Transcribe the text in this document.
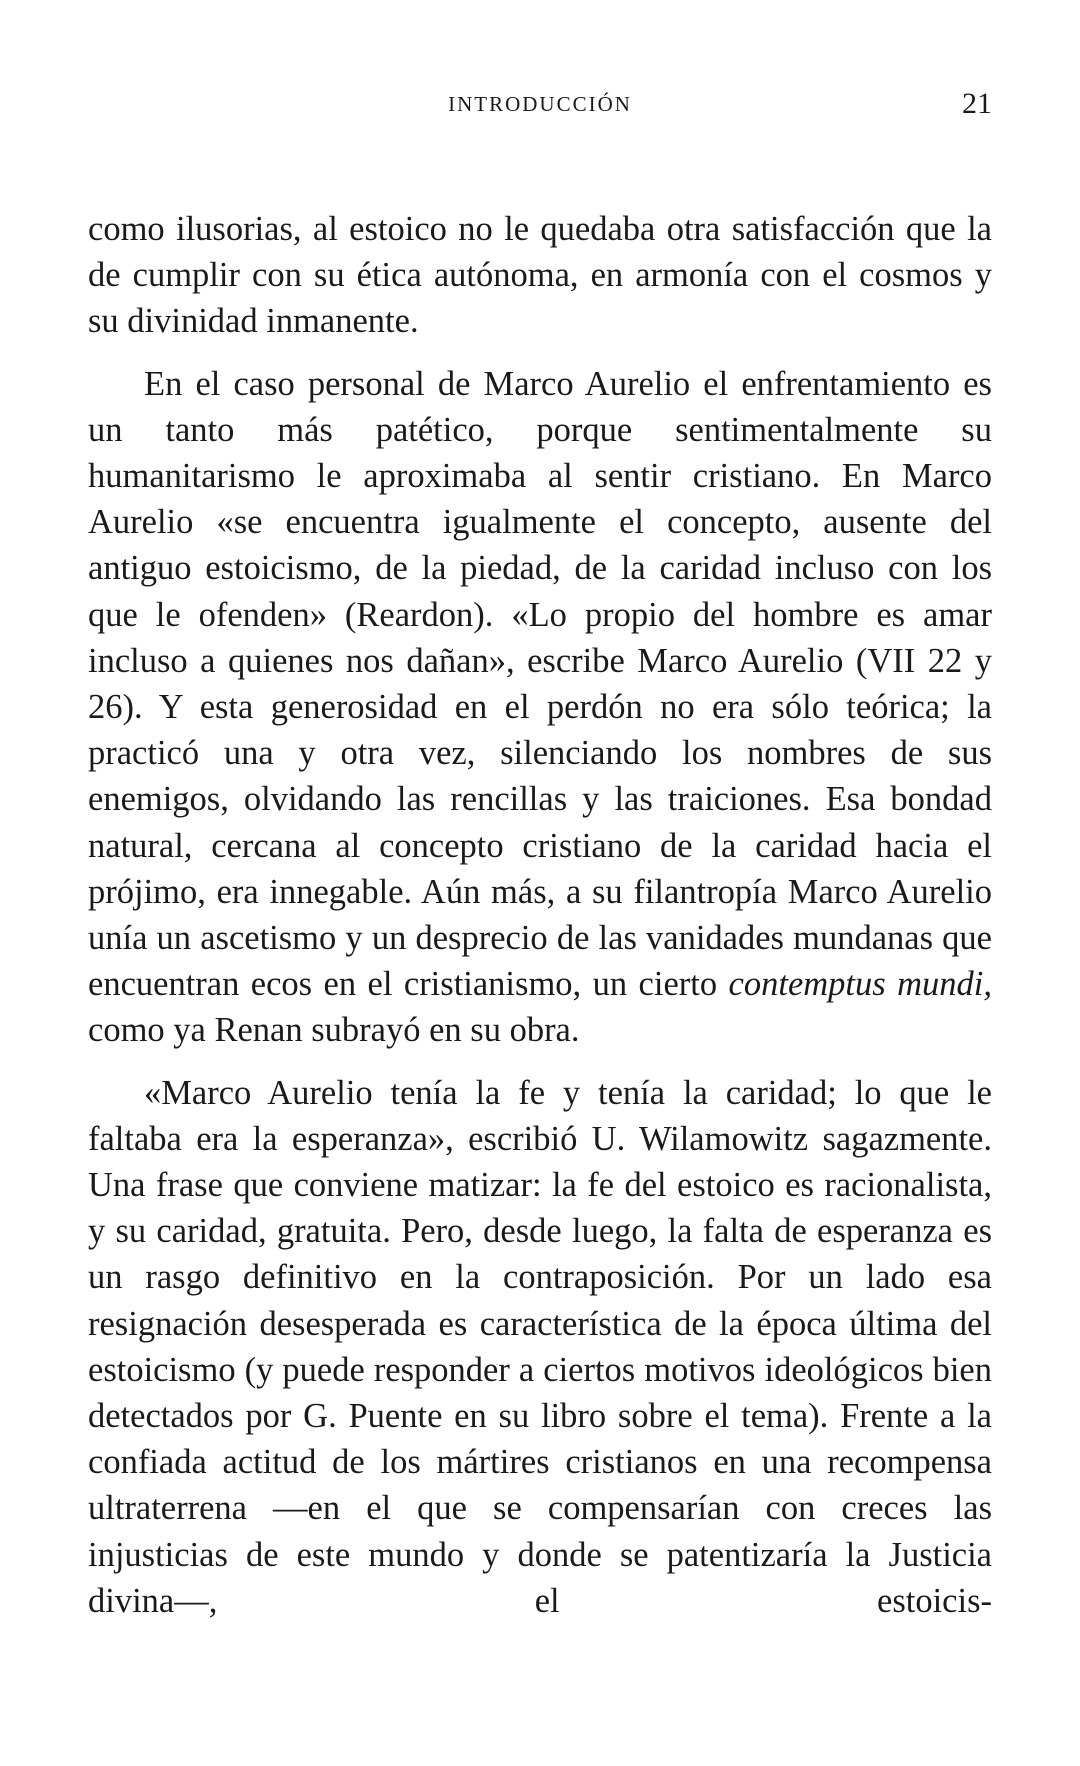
INTRODUCCIÓN	21

como ilusorias, al estoico no le quedaba otra satisfacción que la de cumplir con su ética autónoma, en armonía con el cosmos y su divinidad inmanente.

En el caso personal de Marco Aurelio el enfrentamiento es un tanto más patético, porque sentimentalmente su humanitarismo le aproximaba al sentir cristiano. En Marco Aurelio «se encuentra igualmente el concepto, ausente del antiguo estoicismo, de la piedad, de la caridad incluso con los que le ofenden» (Reardon). «Lo propio del hombre es amar incluso a quienes nos dañan», escribe Marco Aurelio (VII 22 y 26). Y esta generosidad en el perdón no era sólo teórica; la practicó una y otra vez, silenciando los nombres de sus enemigos, olvidando las rencillas y las traiciones. Esa bondad natural, cercana al concepto cristiano de la caridad hacia el prójimo, era innegable. Aún más, a su filantropía Marco Aurelio unía un ascetismo y un desprecio de las vanidades mundanas que encuentran ecos en el cristianismo, un cierto contemptus mundi, como ya Renan subrayó en su obra.

«Marco Aurelio tenía la fe y tenía la caridad; lo que le faltaba era la esperanza», escribió U. Wilamowitz sagazmente. Una frase que conviene matizar: la fe del estoico es racionalista, y su caridad, gratuita. Pero, desde luego, la falta de esperanza es un rasgo definitivo en la contraposición. Por un lado esa resignación desesperada es característica de la época última del estoicismo (y puede responder a ciertos motivos ideológicos bien detectados por G. Puente en su libro sobre el tema). Frente a la confiada actitud de los mártires cristianos en una recompensa ultraterrena —en el que se compensarían con creces las injusticias de este mundo y donde se patentizaría la Justicia divina—, el estoicis-
